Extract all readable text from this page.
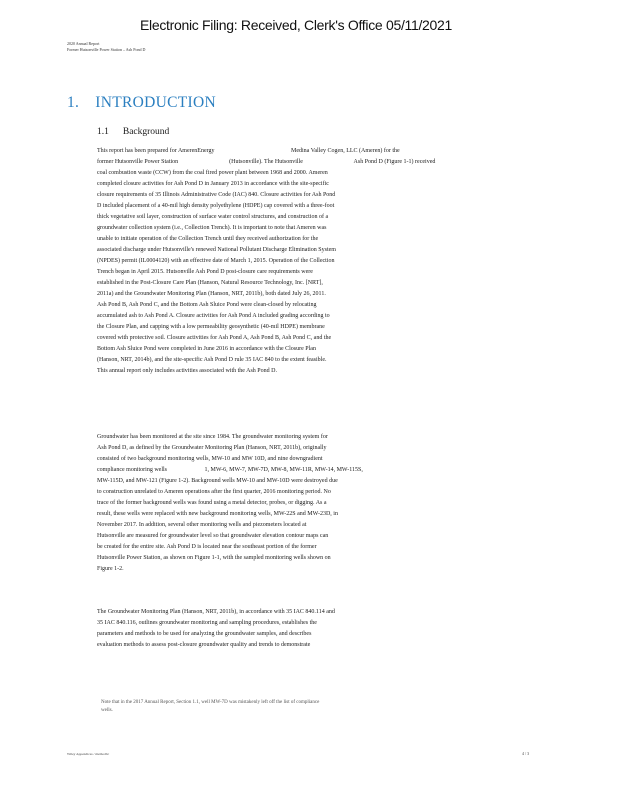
Electronic Filing: Received, Clerk's Office 05/11/2021
2020 Annual Report
Former Hutsonville Power Station – Ash Pond D
1. INTRODUCTION
1.1 Background
This report has been prepared for AmerenEnergy                                                   Medina Valley Cogen, LLC (Ameren) for the
former Hutsonville Power Station                                  (Hutsonville). The Hutsonville                                  Ash Pond D (Figure 1-1) received
coal combustion waste (CCW) from the coal fired power plant between 1968 and 2000. Ameren
completed closure activities for Ash Pond D in January 2013 in accordance with the site-specific
closure requirements of 35 Illinois Administrative Code (IAC) 840. Closure activities for Ash Pond
D included placement of a 40-mil high density polyethylene (HDPE) cap covered with a three-foot
thick vegetative soil layer, construction of surface water control structures, and construction of a
groundwater collection system (i.e., Collection Trench). It is important to note that Ameren was
unable to initiate operation of the Collection Trench until they received authorization for the
associated discharge under Hutsonville's renewed National Pollutant Discharge Elimination System
(NPDES) permit (IL0004120) with an effective date of March 1, 2015. Operation of the Collection
Trench began in April 2015. Hutsonville Ash Pond D post-closure care requirements were
established in the Post-Closure Care Plan (Hanson, Natural Resource Technology, Inc. [NRT],
2011a) and the Groundwater Monitoring Plan (Hanson, NRT, 2011b), both dated July 26, 2011.
Ash Pond B, Ash Pond C, and the Bottom Ash Sluice Pond were clean-closed by relocating
accumulated ash to Ash Pond A. Closure activities for Ash Pond A included grading according to
the Closure Plan, and capping with a low permeability geosynthetic (40-mil HDPE) membrane
covered with protective soil. Closure activities for Ash Pond A, Ash Pond B, Ash Pond C, and the
Bottom Ash Sluice Pond were completed in June 2016 in accordance with the Closure Plan
(Hanson, NRT, 2014b), and the site-specific Ash Pond D rule 35 IAC 840 to the extent feasible.
This annual report only includes activities associated with the Ash Pond D.
Groundwater has been monitored at the site since 1984. The groundwater monitoring system for
Ash Pond D, as defined by the Groundwater Monitoring Plan (Hanson, NRT, 2011b), originally
consisted of two background monitoring wells, MW-10 and MW 10D, and nine downgradient
compliance monitoring wells                         1, MW-6, MW-7, MW-7D, MW-8, MW-11R, MW-14, MW-115S,
MW-115D, and MW-121 (Figure 1-2). Background wells MW-10 and MW-10D were destroyed due
to construction unrelated to Ameren operations after the first quarter, 2016 monitoring period. No
trace of the former background wells was found using a metal detector, probes, or digging. As a
result, these wells were replaced with new background monitoring wells, MW-22S and MW-23D, in
November 2017. In addition, several other monitoring wells and piezometers located at
Hutsonville are measured for groundwater level so that groundwater elevation contour maps can
be created for the entire site. Ash Pond D is located near the southeast portion of the former
Hutsonville Power Station, as shown on Figure 1-1, with the sampled monitoring wells shown on
Figure 1-2.
The Groundwater Monitoring Plan (Hanson, NRT, 2011b), in accordance with 35 IAC 840.114 and
35 IAC 840.116, outlines groundwater monitoring and sampling procedures, establishes the
parameters and methods to be used for analyzing the groundwater samples, and describes
evaluation methods to assess post-closure groundwater quality and trends to demonstrate
Note that in the 2017 Annual Report, Section 1.1, well MW-7D was mistakenly left off the list of compliance
wells.
Wiley Appendices / methodbc	4 / 3
